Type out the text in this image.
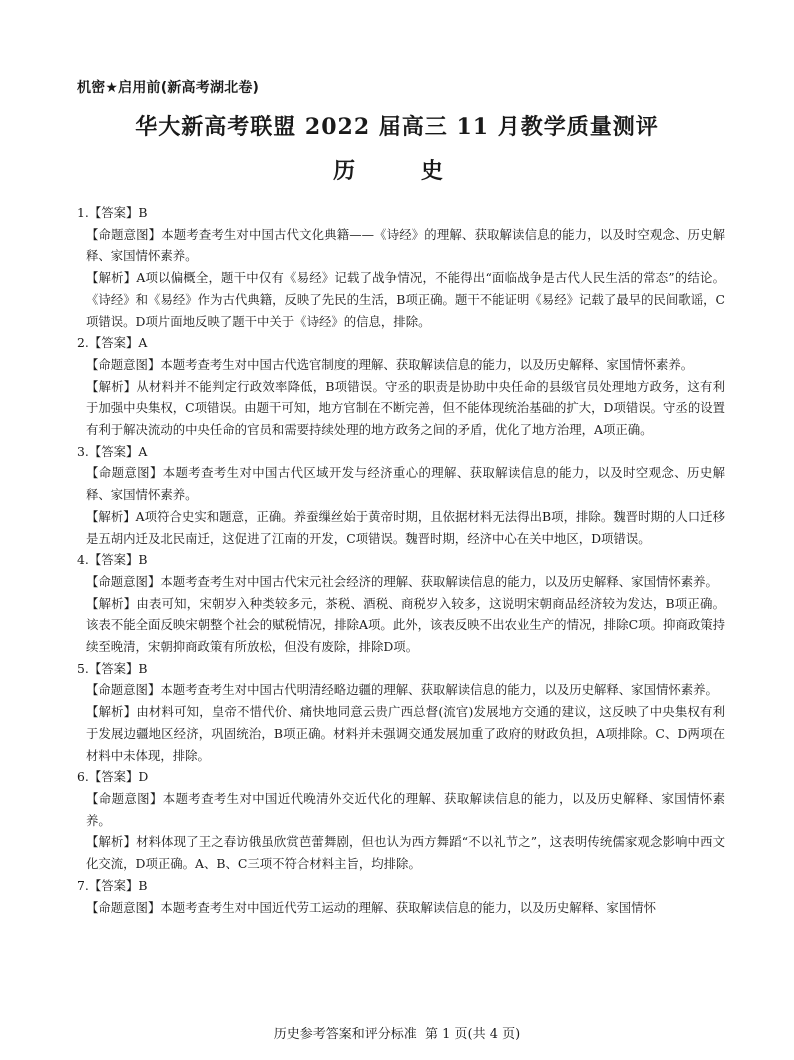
机密★启用前(新高考湖北卷)
华大新高考联盟 2022 届高三 11 月教学质量测评
历 史

1.【答案】B

【命题意图】本题考查考生对中国古代文化典籍——《诗经》的理解、获取解读信息的能力，以及时空观念、历史解释、家国情怀素养。

【解析】A项以偏概全，题干中仅有《易经》记载了战争情况，不能得出“面临战争是古代人民生活的常态”的结论。《诗经》和《易经》作为古代典籍，反映了先民的生活，B项正确。题干不能证明《易经》记载了最早的民间歌谣，C项错误。D项片面地反映了题干中关于《诗经》的信息，排除。

2.【答案】A

【命题意图】本题考查考生对中国古代选官制度的理解、获取解读信息的能力，以及历史解释、家国情怀素养。

【解析】从材料并不能判定行政效率降低，B项错误。守丞的职责是协助中央任命的县级官员处理地方政务，这有利于加强中央集权，C项错误。由题干可知，地方官制在不断完善，但不能体现统治基础的扩大，D项错误。守丞的设置有利于解决流动的中央任命的官员和需要持续处理的地方政务之间的矛盾，优化了地方治理，A项正确。

3.【答案】A

【命题意图】本题考查考生对中国古代区域开发与经济重心的理解、获取解读信息的能力，以及时空观念、历史解释、家国情怀素养。

【解析】A项符合史实和题意，正确。养蚕缫丝始于黄帝时期，且依据材料无法得出B项，排除。魏晋时期的人口迁移是五胡内迁及北民南迁，这促进了江南的开发，C项错误。魏晋时期，经济中心在关中地区，D项错误。

4.【答案】B

【命题意图】本题考查考生对中国古代宋元社会经济的理解、获取解读信息的能力，以及历史解释、家国情怀素养。

【解析】由表可知，宋朝岁入种类较多元，茶税、酒税、商税岁入较多，这说明宋朝商品经济较为发达，B项正确。该表不能全面反映宋朝整个社会的赋税情况，排除A项。此外，该表反映不出农业生产的情况，排除C项。抑商政策持续至晚清，宋朝抑商政策有所放松，但没有废除，排除D项。

5.【答案】B

【命题意图】本题考查考生对中国古代明清经略边疆的理解、获取解读信息的能力，以及历史解释、家国情怀素养。

【解析】由材料可知，皇帝不惜代价、痛快地同意云贵广西总督(流官)发展地方交通的建议，这反映了中央集权有利于发展边疆地区经济，巩固统治，B项正确。材料并未强调交通发展加重了政府的财政负担，A项排除。C、D两项在材料中未体现，排除。

6.【答案】D

【命题意图】本题考查考生对中国近代晚清外交近代化的理解、获取解读信息的能力，以及历史解释、家国情怀素养。

【解析】材料体现了王之春访俄虽欣赏芭蕾舞剧，但也认为西方舞蹈“不以礼节之”，这表明传统儒家观念影响中西文化交流，D项正确。A、B、C三项不符合材料主旨，均排除。

7.【答案】B

【命题意图】本题考查考生对中国近代劳工运动的理解、获取解读信息的能力，以及历史解释、家国情怀

历史参考答案和评分标准  第 1 页(共 4 页)
